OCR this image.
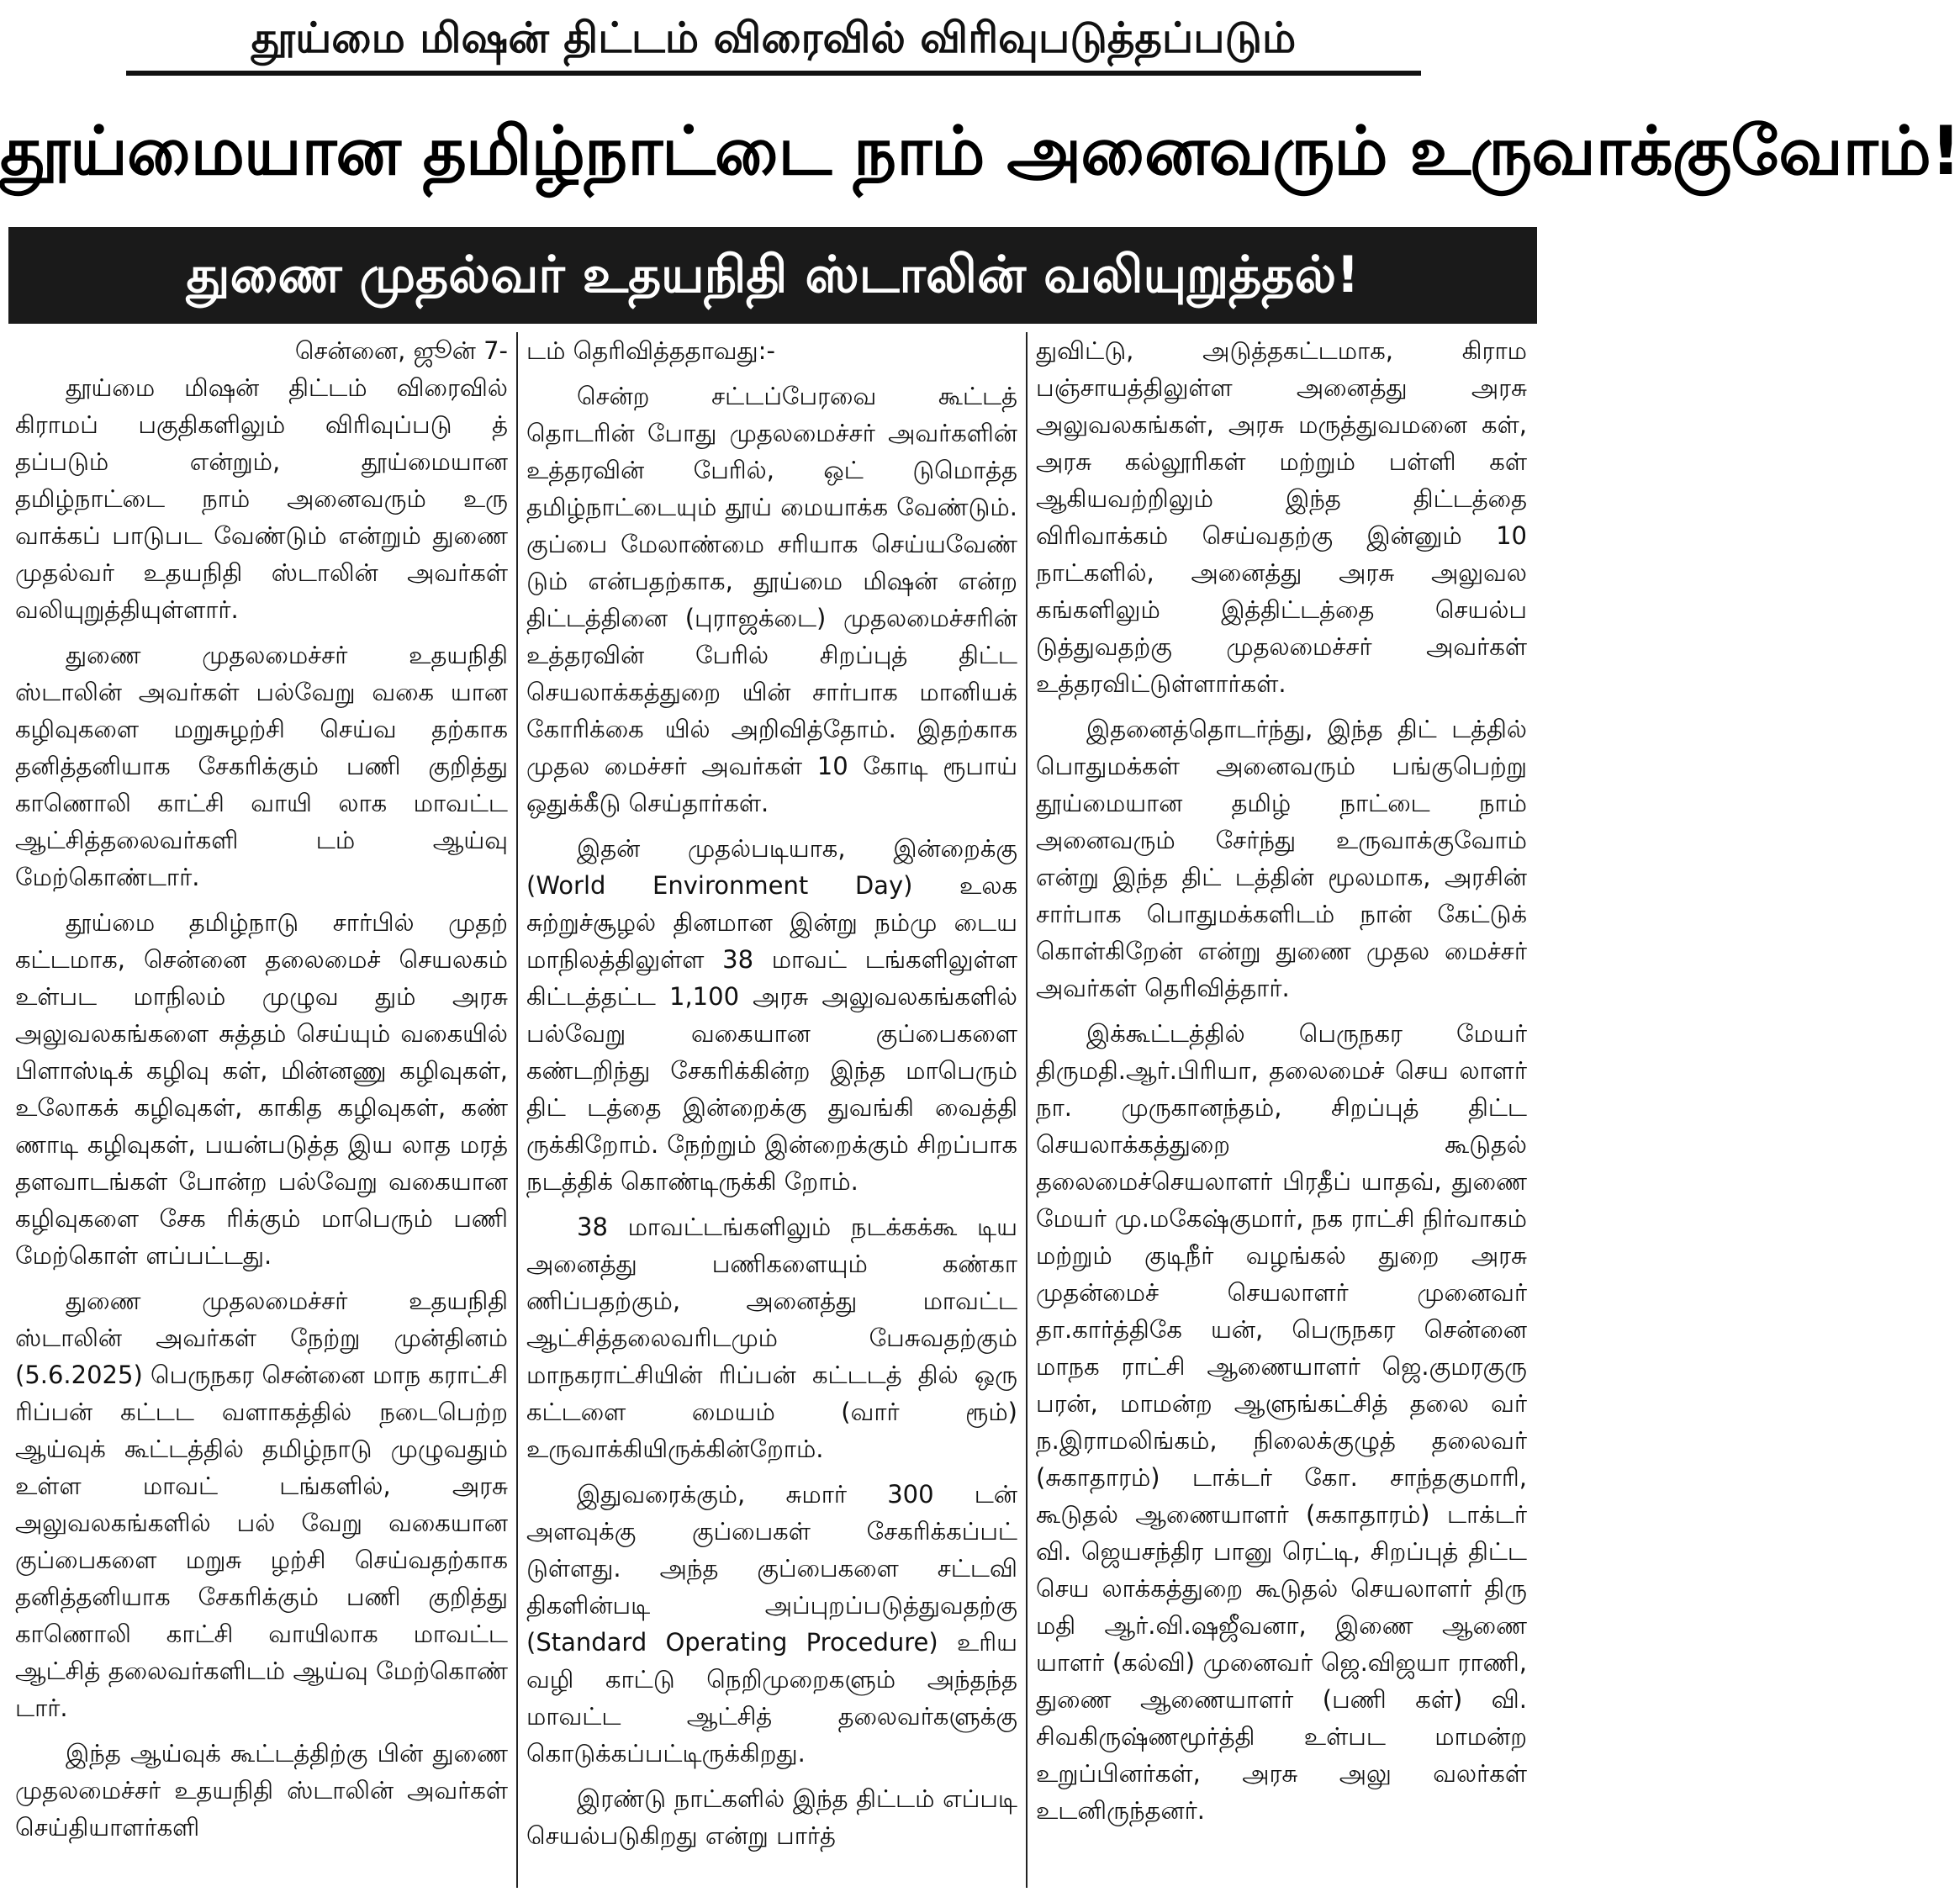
தூய்மை மிஷன் திட்டம் விரைவில் விரிவுபடுத்தப்படும்
தூய்மையான தமிழ்நாட்டை நாம் அனைவரும் உருவாக்குவோம்!
துணை முதல்வர் உதயநிதி ஸ்டாலின் வலியுறுத்தல்!

சென்னை, ஜூன் 7-

தூய்மை மிஷன் திட்டம் விரைவில் கிராமப் பகுதிகளிலும் விரிவுப்படு த் தப்படும் என்றும், தூய்மையான தமிழ்நாட்டை நாம் அனைவரும் உரு வாக்கப் பாடுபட வேண்டும் என்றும் துணை முதல்வர் உதயநிதி ஸ்டாலின் அவர்கள் வலியுறுத்தியுள்ளார்.

துணை முதலமைச்சர் உதயநிதி ஸ்டாலின் அவர்கள் பல்வேறு வகை யான கழிவுகளை மறுசுழற்சி செய்வ தற்காக தனித்தனியாக சேகரிக்கும் பணி குறித்து காணொலி காட்சி வாயி லாக மாவட்ட ஆட்சித்தலைவர்களி டம் ஆய்வு மேற்கொண்டார்.

தூய்மை தமிழ்நாடு சார்பில் முதற் கட்டமாக, சென்னை தலைமைச் செயலகம் உள்பட மாநிலம் முழுவ தும் அரசு அலுவலகங்களை சுத்தம் செய்யும் வகையில் பிளாஸ்டிக் கழிவு கள், மின்னணு கழிவுகள், உலோகக் கழிவுகள், காகித கழிவுகள், கண் ணாடி கழிவுகள், பயன்படுத்த இய லாத மரத் தளவாடங்கள் போன்ற பல்வேறு வகையான கழிவுகளை சேக ரிக்கும் மாபெரும் பணி மேற்கொள் ளப்பட்டது.

துணை முதலமைச்சர் உதயநிதி ஸ்டாலின் அவர்கள் நேற்று முன்தினம் (5.6.2025) பெருநகர சென்னை மாந கராட்சி ரிப்பன் கட்டட வளாகத்தில் நடைபெற்ற ஆய்வுக் கூட்டத்தில் தமிழ்நாடு முழுவதும் உள்ள மாவட் டங்களில், அரசு அலுவலகங்களில் பல் வேறு வகையான குப்பைகளை மறுசு ழற்சி செய்வதற்காக தனித்தனியாக சேகரிக்கும் பணி குறித்து காணொலி காட்சி வாயிலாக மாவட்ட ஆட்சித் தலைவர்களிடம் ஆய்வு மேற்கொண் டார்.

இந்த ஆய்வுக் கூட்டத்திற்கு பின் துணை முதலமைச்சர் உதயநிதி ஸ்டாலின் அவர்கள் செய்தியாளர்களி

டம் தெரிவித்ததாவது:-

சென்ற சட்டப்பேரவை கூட்டத் தொடரின் போது முதலமைச்சர் அவர்களின் உத்தரவின் பேரில், ஒட் டுமொத்த தமிழ்நாட்டையும் தூய் மையாக்க வேண்டும். குப்பை மேலாண்மை சரியாக செய்யவேண் டும் என்பதற்காக, தூய்மை மிஷன் என்ற திட்டத்தினை (புராஜக்டை) முதலமைச்சரின் உத்தரவின் பேரில் சிறப்புத் திட்ட செயலாக்கத்துறை யின் சார்பாக மானியக் கோரிக்கை யில் அறிவித்தோம். இதற்காக முதல மைச்சர் அவர்கள் 10 கோடி ரூபாய் ஒதுக்கீடு செய்தார்கள்.

இதன் முதல்படியாக, இன்றைக்கு (World Environment Day) உலக சுற்றுச்சூழல் தினமான இன்று நம்மு டைய மாநிலத்திலுள்ள 38 மாவட் டங்களிலுள்ள கிட்டத்தட்ட 1,100 அரசு அலுவலகங்களில் பல்வேறு வகையான குப்பைகளை கண்டறிந்து சேகரிக்கின்ற இந்த மாபெரும் திட் டத்தை இன்றைக்கு துவங்கி வைத்தி ருக்கிறோம். நேற்றும் இன்றைக்கும் சிறப்பாக நடத்திக் கொண்டிருக்கி றோம்.

38 மாவட்டங்களிலும் நடக்கக்கூ டிய அனைத்து பணிகளையும் கண்கா ணிப்பதற்கும், அனைத்து மாவட்ட ஆட்சித்தலைவரிடமும் பேசுவதற்கும் மாநகராட்சியின் ரிப்பன் கட்டடத் தில் ஒரு கட்டளை மையம் (வார் ரூம்) உருவாக்கியிருக்கின்றோம்.

இதுவரைக்கும், சுமார் 300 டன் அளவுக்கு குப்பைகள் சேகரிக்கப்பட் டுள்ளது. அந்த குப்பைகளை சட்டவி திகளின்படி அப்புறப்படுத்துவதற்கு (Standard Operating Procedure) உரிய வழி காட்டு நெறிமுறைகளும் அந்தந்த மாவட்ட ஆட்சித் தலைவர்களுக்கு கொடுக்கப்பட்டிருக்கிறது.

இரண்டு நாட்களில் இந்த திட்டம் எப்படி செயல்படுகிறது என்று பார்த்

துவிட்டு, அடுத்தகட்டமாக, கிராம பஞ்சாயத்திலுள்ள அனைத்து அரசு அலுவலகங்கள், அரசு மருத்துவமனை கள், அரசு கல்லூரிகள் மற்றும் பள்ளி கள் ஆகியவற்றிலும் இந்த திட்டத்தை விரிவாக்கம் செய்வதற்கு இன்னும் 10 நாட்களில், அனைத்து அரசு அலுவல கங்களிலும் இத்திட்டத்தை செயல்ப டுத்துவதற்கு முதலமைச்சர் அவர்கள் உத்தரவிட்டுள்ளார்கள்.

இதனைத்தொடர்ந்து, இந்த திட் டத்தில் பொதுமக்கள் அனைவரும் பங்குபெற்று தூய்மையான தமிழ் நாட்டை நாம் அனைவரும் சேர்ந்து உருவாக்குவோம் என்று இந்த திட் டத்தின் மூலமாக, அரசின் சார்பாக பொதுமக்களிடம் நான் கேட்டுக் கொள்கிறேன் என்று துணை முதல மைச்சர் அவர்கள் தெரிவித்தார்.

இக்கூட்டத்தில் பெருநகர மேயர் திருமதி.ஆர்.பிரியா, தலைமைச் செய லாளர் நா. முருகானந்தம், சிறப்புத் திட்ட செயலாக்கத்துறை கூடுதல் தலைமைச்செயலாளர் பிரதீப் யாதவ், துணை மேயர் மு.மகேஷ்குமார், நக ராட்சி நிர்வாகம் மற்றும் குடிநீர் வழங்கல் துறை அரசு முதன்மைச் செயலாளர் முனைவர் தா.கார்த்திகே யன், பெருநகர சென்னை மாநக ராட்சி ஆணையாளர் ஜெ.குமரகுரு பரன், மாமன்ற ஆளுங்கட்சித் தலை வர் ந.இராமலிங்கம், நிலைக்குழுத் தலைவர் (சுகாதாரம்) டாக்டர் கோ. சாந்தகுமாரி, கூடுதல் ஆணையாளர் (சுகாதாரம்) டாக்டர் வி. ஜெயசந்திர பானு ரெட்டி, சிறப்புத் திட்ட செய லாக்கத்துறை கூடுதல் செயலாளர் திரு மதி ஆர்.வி.ஷஜீவனா, இணை ஆணை யாளர் (கல்வி) முனைவர் ஜெ.விஜயா ராணி, துணை ஆணையாளர் (பணி கள்) வி. சிவகிருஷ்ணமூர்த்தி உள்பட மாமன்ற உறுப்பினர்கள், அரசு அலு வலர்கள் உடனிருந்தனர்.
